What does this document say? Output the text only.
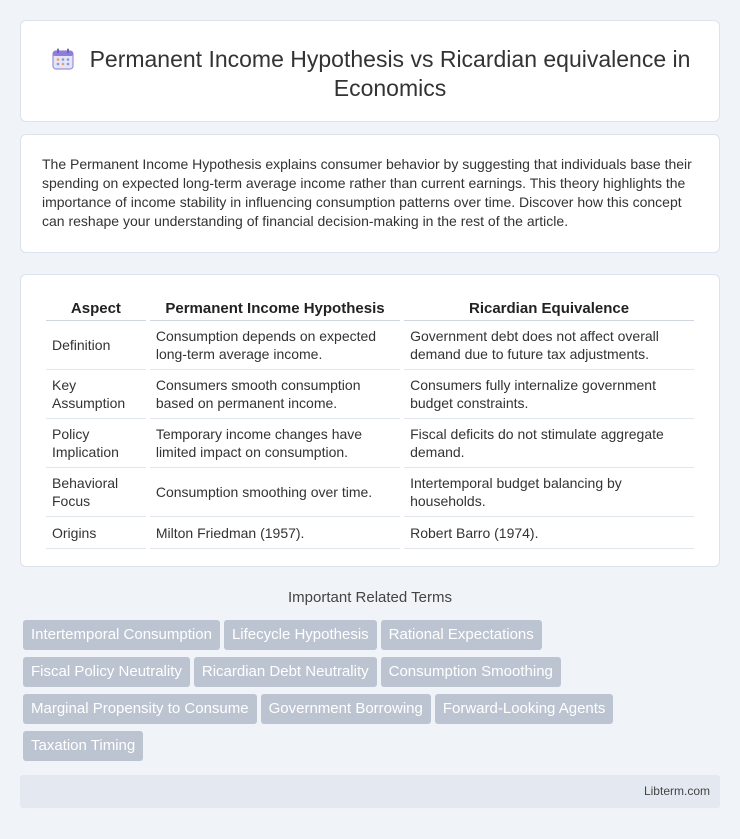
Permanent Income Hypothesis vs Ricardian equivalence in Economics

The Permanent Income Hypothesis explains consumer behavior by suggesting that individuals base their spending on expected long-term average income rather than current earnings. This theory highlights the importance of income stability in influencing consumption patterns over time. Discover how this concept can reshape your understanding of financial decision-making in the rest of the article.

Aspect	Permanent Income Hypothesis	Ricardian Equivalence
Definition	Consumption depends on expected long-term average income.	Government debt does not affect overall demand due to future tax adjustments.
Key Assumption	Consumers smooth consumption based on permanent income.	Consumers fully internalize government budget constraints.
Policy Implication	Temporary income changes have limited impact on consumption.	Fiscal deficits do not stimulate aggregate demand.
Behavioral Focus	Consumption smoothing over time.	Intertemporal budget balancing by households.
Origins	Milton Friedman (1957).	Robert Barro (1974).
Important Related Terms
Intertemporal Consumption Lifecycle Hypothesis Rational Expectations
Fiscal Policy Neutrality Ricardian Debt Neutrality Consumption Smoothing
Marginal Propensity to Consume Government Borrowing Forward-Looking Agents
Taxation Timing
Libterm.com
